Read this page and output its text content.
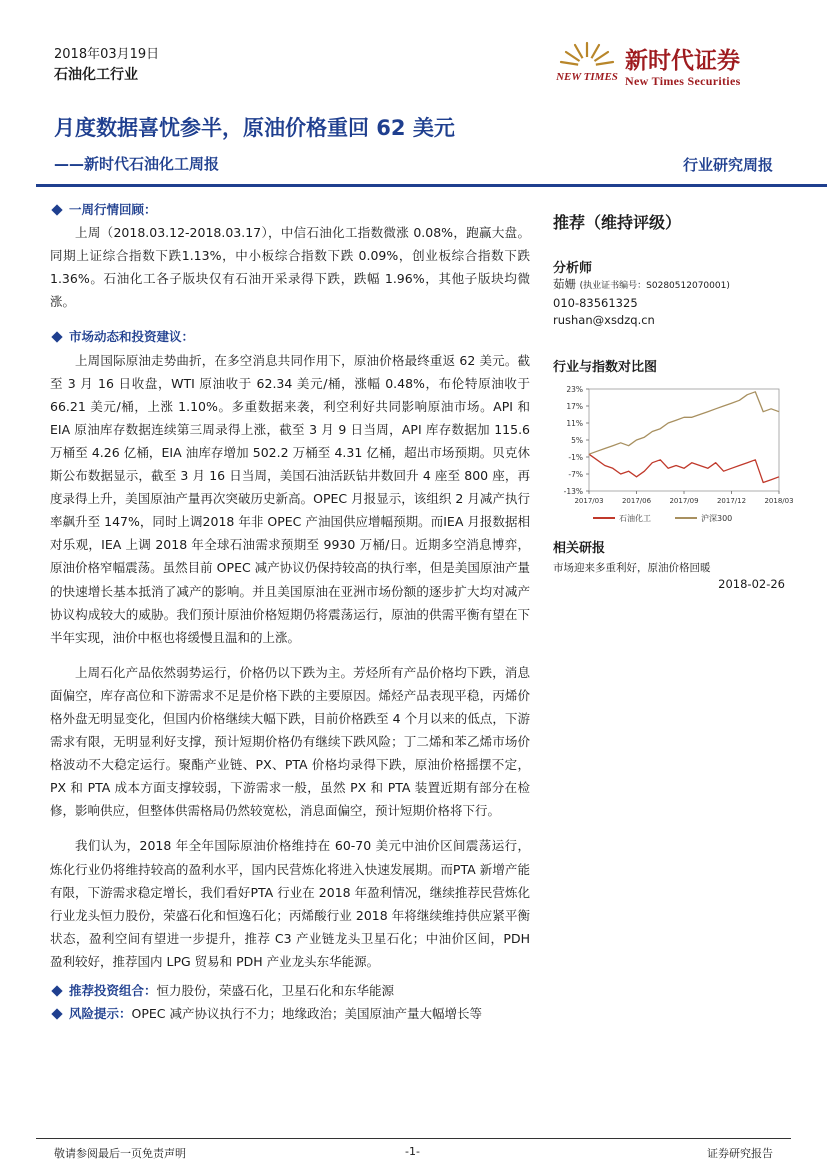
2018年03月19日
石油化工行业	NEW TIMES
新时代证券
New Times Securities
月度数据喜忧参半，原油价格重回 62 美元
——新时代石油化工周报	行业研究周报

一周行情回顾：

上周（2018.03.12-2018.03.17），中信石油化工指数微涨 0.08%，跑赢大盘。同期上证综合指数下跌1.13%，中小板综合指数下跌 0.09%，创业板综合指数下跌 1.36%。石油化工各子版块仅有石油开采录得下跌，跌幅 1.96%，其他子版块均微涨。

市场动态和投资建议：

上周国际原油走势曲折，在多空消息共同作用下，原油价格最终重返 62 美元。截至 3 月 16 日收盘，WTI 原油收于 62.34 美元/桶，涨幅 0.48%，布伦特原油收于 66.21 美元/桶，上涨 1.10%。多重数据来袭，利空利好共同影响原油市场。API 和 EIA 原油库存数据连续第三周录得上涨，截至 3 月 9 日当周，API 库存数据加 115.6 万桶至 4.26 亿桶，EIA 油库存增加 502.2 万桶至 4.31 亿桶，超出市场预期。贝克休斯公布数据显示，截至 3 月 16 日当周，美国石油活跃钻井数回升 4 座至 800 座，再度录得上升，美国原油产量再次突破历史新高。OPEC 月报显示，该组织 2 月减产执行率飙升至 147%，同时上调2018 年非 OPEC 产油国供应增幅预期。而IEA 月报数据相对乐观，IEA 上调 2018 年全球石油需求预期至 9930 万桶/日。近期多空消息博弈，原油价格窄幅震荡。虽然目前 OPEC 减产协议仍保持较高的执行率，但是美国原油产量的快速增长基本抵消了减产的影响。并且美国原油在亚洲市场份额的逐步扩大均对减产协议构成较大的威胁。我们预计原油价格短期仍将震荡运行，原油的供需平衡有望在下半年实现，油价中枢也将缓慢且温和的上涨。

上周石化产品依然弱势运行，价格仍以下跌为主。芳烃所有产品价格均下跌，消息面偏空，库存高位和下游需求不足是价格下跌的主要原因。烯烃产品表现平稳，丙烯价格外盘无明显变化，但国内价格继续大幅下跌，目前价格跌至 4 个月以来的低点，下游需求有限，无明显利好支撑，预计短期价格仍有继续下跌风险；丁二烯和苯乙烯市场价格波动不大稳定运行。聚酯产业链、PX、PTA 价格均录得下跌，原油价格摇摆不定，PX 和 PTA 成本方面支撑较弱，下游需求一般，虽然 PX 和 PTA 装置近期有部分在检修，影响供应，但整体供需格局仍然较宽松，消息面偏空，预计短期价格将下行。

我们认为，2018 年全年国际原油价格维持在 60-70 美元中油价区间震荡运行，炼化行业仍将维持较高的盈利水平，国内民营炼化将进入快速发展期。而PTA 新增产能有限，下游需求稳定增长，我们看好PTA 行业在 2018 年盈利情况，继续推荐民营炼化行业龙头恒力股份，荣盛石化和恒逸石化；丙烯酸行业 2018 年将继续维持供应紧平衡状态，盈利空间有望进一步提升，推荐 C3 产业链龙头卫星石化；中油价区间，PDH 盈利较好，推荐国内 LPG 贸易和 PDH 产业龙头东华能源。

推荐投资组合：恒力股份，荣盛石化，卫星石化和东华能源

风险提示：OPEC 减产协议执行不力；地缘政治；美国原油产量大幅增长等

推荐（维持评级）
分析师
茹姗 (执业证书编号：S0280512070001)
010-83561325
rushan@xsdzq.cn
行业与指数对比图
23%
17%
11%
5%
-1%
-7%
-13%
2017/03	2017/06	2017/09	2017/12	2018/03
石油化工	沪深300
相关研报
市场迎来多重利好，原油价格回暖
2018-02-26
敬请参阅最后一页免责声明	-1-	证券研究报告
